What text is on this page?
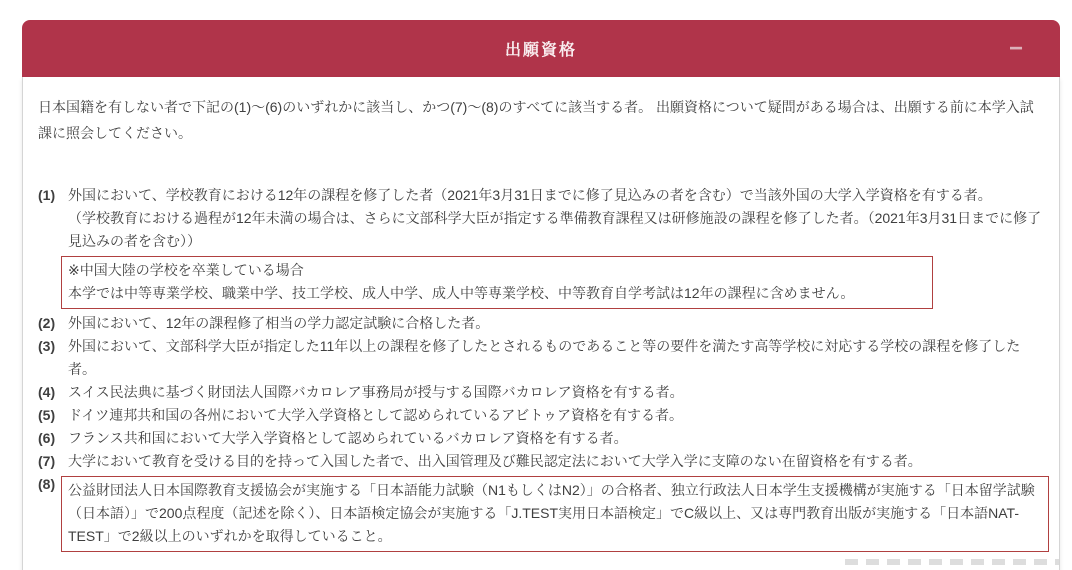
出願資格	−

日本国籍を有しない者で下記の(1)～(6)のいずれかに該当し、かつ(7)～(8)のすべてに該当する者。 出願資格について疑問がある場合は、出願する前に本学入試課に照会してください。

(1) 外国において、学校教育における12年の課程を修了した者（2021年3月31日までに修了見込みの者を含む）で当該外国の大学入学資格を有する者。
（学校教育における過程が12年未満の場合は、さらに文部科学大臣が指定する準備教育課程又は研修施設の課程を修了した者。（2021年3月31日までに修了見込みの者を含む））
※中国大陸の学校を卒業している場合
本学では中等専業学校、職業中学、技工学校、成人中学、成人中等専業学校、中等教育自学考試は12年の課程に含めません。
(2) 外国において、12年の課程修了相当の学力認定試験に合格した者。
(3) 外国において、文部科学大臣が指定した11年以上の課程を修了したとされるものであること等の要件を満たす高等学校に対応する学校の課程を修了した者。
(4) スイス民法典に基づく財団法人国際バカロレア事務局が授与する国際バカロレア資格を有する者。
(5) ドイツ連邦共和国の各州において大学入学資格として認められているアビトゥア資格を有する者。
(6) フランス共和国において大学入学資格として認められているバカロレア資格を有する者。
(7) 大学において教育を受ける目的を持って入国した者で、出入国管理及び難民認定法において大学入学に支障のない在留資格を有する者。
(8) 公益財団法人日本国際教育支援協会が実施する「日本語能力試験（N1もしくはN2）」の合格者、独立行政法人日本学生支援機構が実施する「日本留学試験（日本語）」で200点程度（記述を除く）、日本語検定協会が実施する「J.TEST実用日本語検定」でC級以上、又は専門教育出版が実施する「日本語NAT-TEST」で2級以上のいずれかを取得していること。
